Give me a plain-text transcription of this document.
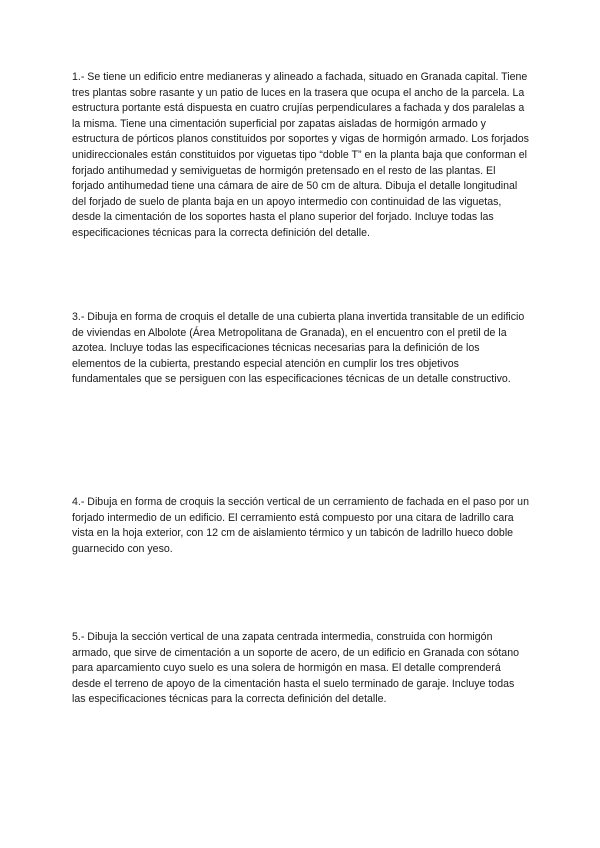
1.- Se tiene un edificio entre medianeras y alineado a fachada, situado en Granada capital. Tiene tres plantas sobre rasante y un patio de luces en la trasera que ocupa el ancho de la parcela. La estructura portante está dispuesta en cuatro crujías perpendiculares a fachada y dos paralelas a la misma. Tiene una cimentación superficial por zapatas aisladas de hormigón armado y estructura de pórticos planos constituidos por soportes y vigas de hormigón armado. Los forjados unidireccionales están constituidos por viguetas tipo “doble T” en la planta baja que conforman el forjado antihumedad y semiviguetas de hormigón pretensado en el resto de las plantas. El forjado antihumedad tiene una cámara de aire de 50 cm de altura. Dibuja el detalle longitudinal del forjado de suelo de planta baja en un apoyo intermedio con continuidad de las viguetas, desde la cimentación de los soportes hasta el plano superior del forjado. Incluye todas las especificaciones técnicas para la correcta definición del detalle.

3.- Dibuja en forma de croquis el detalle de una cubierta plana invertida transitable de un edificio de viviendas en Albolote (Área Metropolitana de Granada), en el encuentro con el pretil de la azotea. Incluye todas las especificaciones técnicas necesarias para la definición de los elementos de la cubierta, prestando especial atención en cumplir los tres objetivos fundamentales que se persiguen con las especificaciones técnicas de un detalle constructivo.

4.- Dibuja en forma de croquis la sección vertical de un cerramiento de fachada en el paso por un forjado intermedio de un edificio. El cerramiento está compuesto por una citara de ladrillo cara vista en la hoja exterior, con 12 cm de aislamiento térmico y un tabicón de ladrillo hueco doble guarnecido con yeso.

5.- Dibuja la sección vertical de una zapata centrada intermedia, construida con hormigón armado, que sirve de cimentación a un soporte de acero, de un edificio en Granada con sótano para aparcamiento cuyo suelo es una solera de hormigón en masa. El detalle comprenderá desde el terreno de apoyo de la cimentación hasta el suelo terminado de garaje. Incluye todas las especificaciones técnicas para la correcta definición del detalle.
